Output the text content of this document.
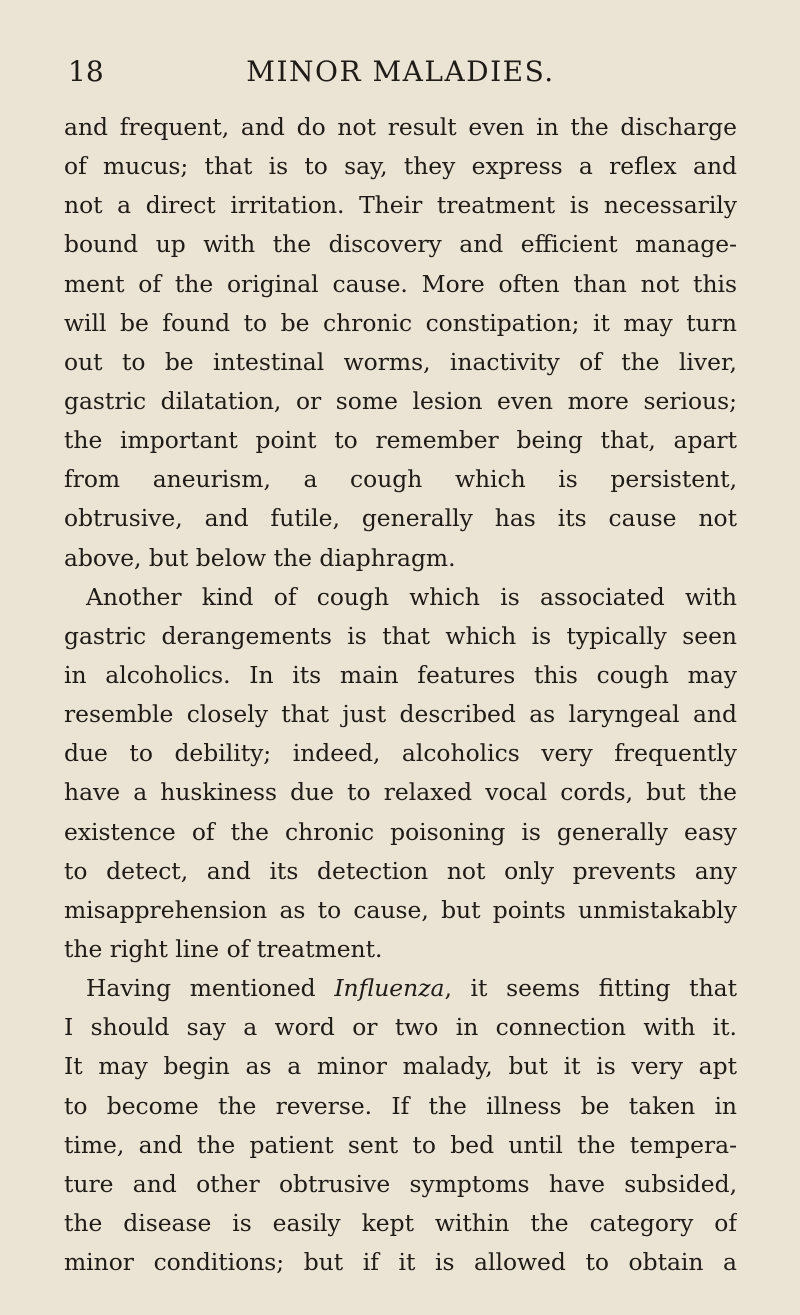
18	MINOR MALADIES.
and frequent, and do not result even in the discharge
of mucus; that is to say, they express a reflex and
not a direct irritation. Their treatment is necessarily
bound up with the discovery and efficient manage-
ment of the original cause. More often than not this
will be found to be chronic constipation; it may turn
out to be intestinal worms, inactivity of the liver,
gastric dilatation, or some lesion even more serious;
the important point to remember being that, apart
from aneurism, a cough which is persistent,
obtrusive, and futile, generally has its cause not
above, but below the diaphragm.
Another kind of cough which is associated with
gastric derangements is that which is typically seen
in alcoholics. In its main features this cough may
resemble closely that just described as laryngeal and
due to debility; indeed, alcoholics very frequently
have a huskiness due to relaxed vocal cords, but the
existence of the chronic poisoning is generally easy
to detect, and its detection not only prevents any
misapprehension as to cause, but points unmistakably
the right line of treatment.
Having mentioned Influenza, it seems fitting that
I should say a word or two in connection with it.
It may begin as a minor malady, but it is very apt
to become the reverse. If the illness be taken in
time, and the patient sent to bed until the tempera-
ture and other obtrusive symptoms have subsided,
the disease is easily kept within the category of
minor conditions; but if it is allowed to obtain a
